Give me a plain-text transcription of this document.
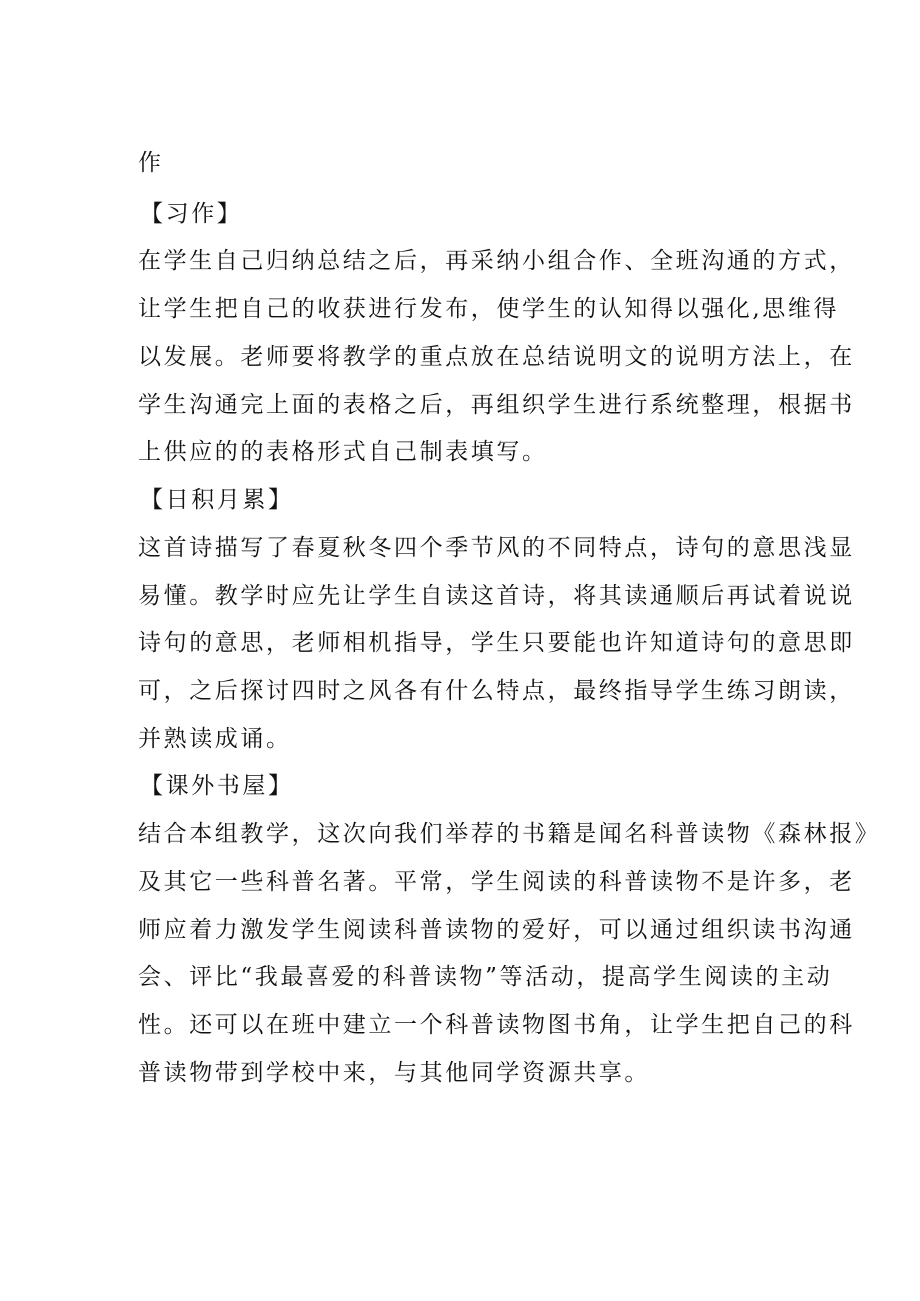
作
【习作】
在学生自己归纳总结之后，再采纳小组合作、全班沟通的方式，
让学生把自己的收获进行发布，使学生的认知得以强化,思维得
以发展。老师要将教学的重点放在总结说明文的说明方法上，在
学生沟通完上面的表格之后，再组织学生进行系统整理，根据书
上供应的的表格形式自己制表填写。
【日积月累】
这首诗描写了春夏秋冬四个季节风的不同特点，诗句的意思浅显
易懂。教学时应先让学生自读这首诗，将其读通顺后再试着说说
诗句的意思，老师相机指导，学生只要能也许知道诗句的意思即
可，之后探讨四时之风各有什么特点，最终指导学生练习朗读，
并熟读成诵。
【课外书屋】
结合本组教学，这次向我们举荐的书籍是闻名科普读物《森林报》
及其它一些科普名著。平常，学生阅读的科普读物不是许多，老
师应着力激发学生阅读科普读物的爱好，可以通过组织读书沟通
会、评比“我最喜爱的科普读物”等活动，提高学生阅读的主动
性。还可以在班中建立一个科普读物图书角，让学生把自己的科
普读物带到学校中来，与其他同学资源共享。
